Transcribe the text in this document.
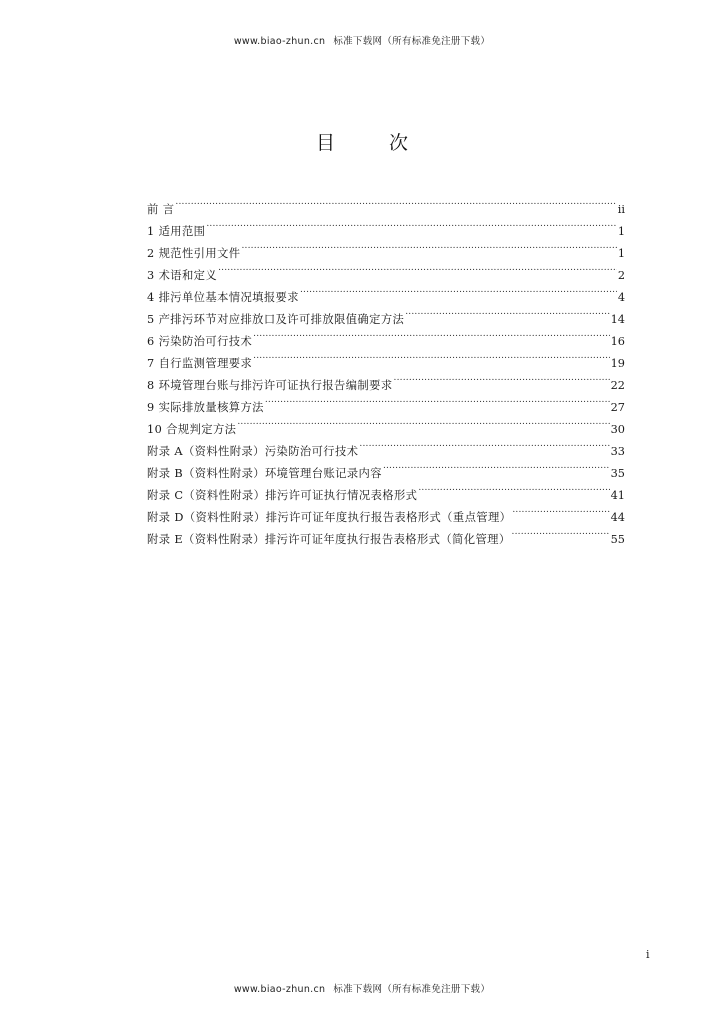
www.biao-zhun.cn 标准下载网（所有标准免注册下载）
目 次
前 言 .....	ii
1 适用范围 .....	1
2 规范性引用文件 .....	1
3 术语和定义 .....	2
4 排污单位基本情况填报要求 .....	4
5 产排污环节对应排放口及许可排放限值确定方法 .....	14
6 污染防治可行技术 .....	16
7 自行监测管理要求 .....	19
8 环境管理台账与排污许可证执行报告编制要求 .....	22
9 实际排放量核算方法 .....	27
10 合规判定方法 .....	30
附录 A（资料性附录）污染防治可行技术 .....	33
附录 B（资料性附录）环境管理台账记录内容 .....	35
附录 C（资料性附录）排污许可证执行情况表格形式 .....	41
附录 D（资料性附录）排污许可证年度执行报告表格形式（重点管理） .....	44
附录 E（资料性附录）排污许可证年度执行报告表格形式（简化管理） .....	55
i
www.biao-zhun.cn 标准下载网（所有标准免注册下载）
